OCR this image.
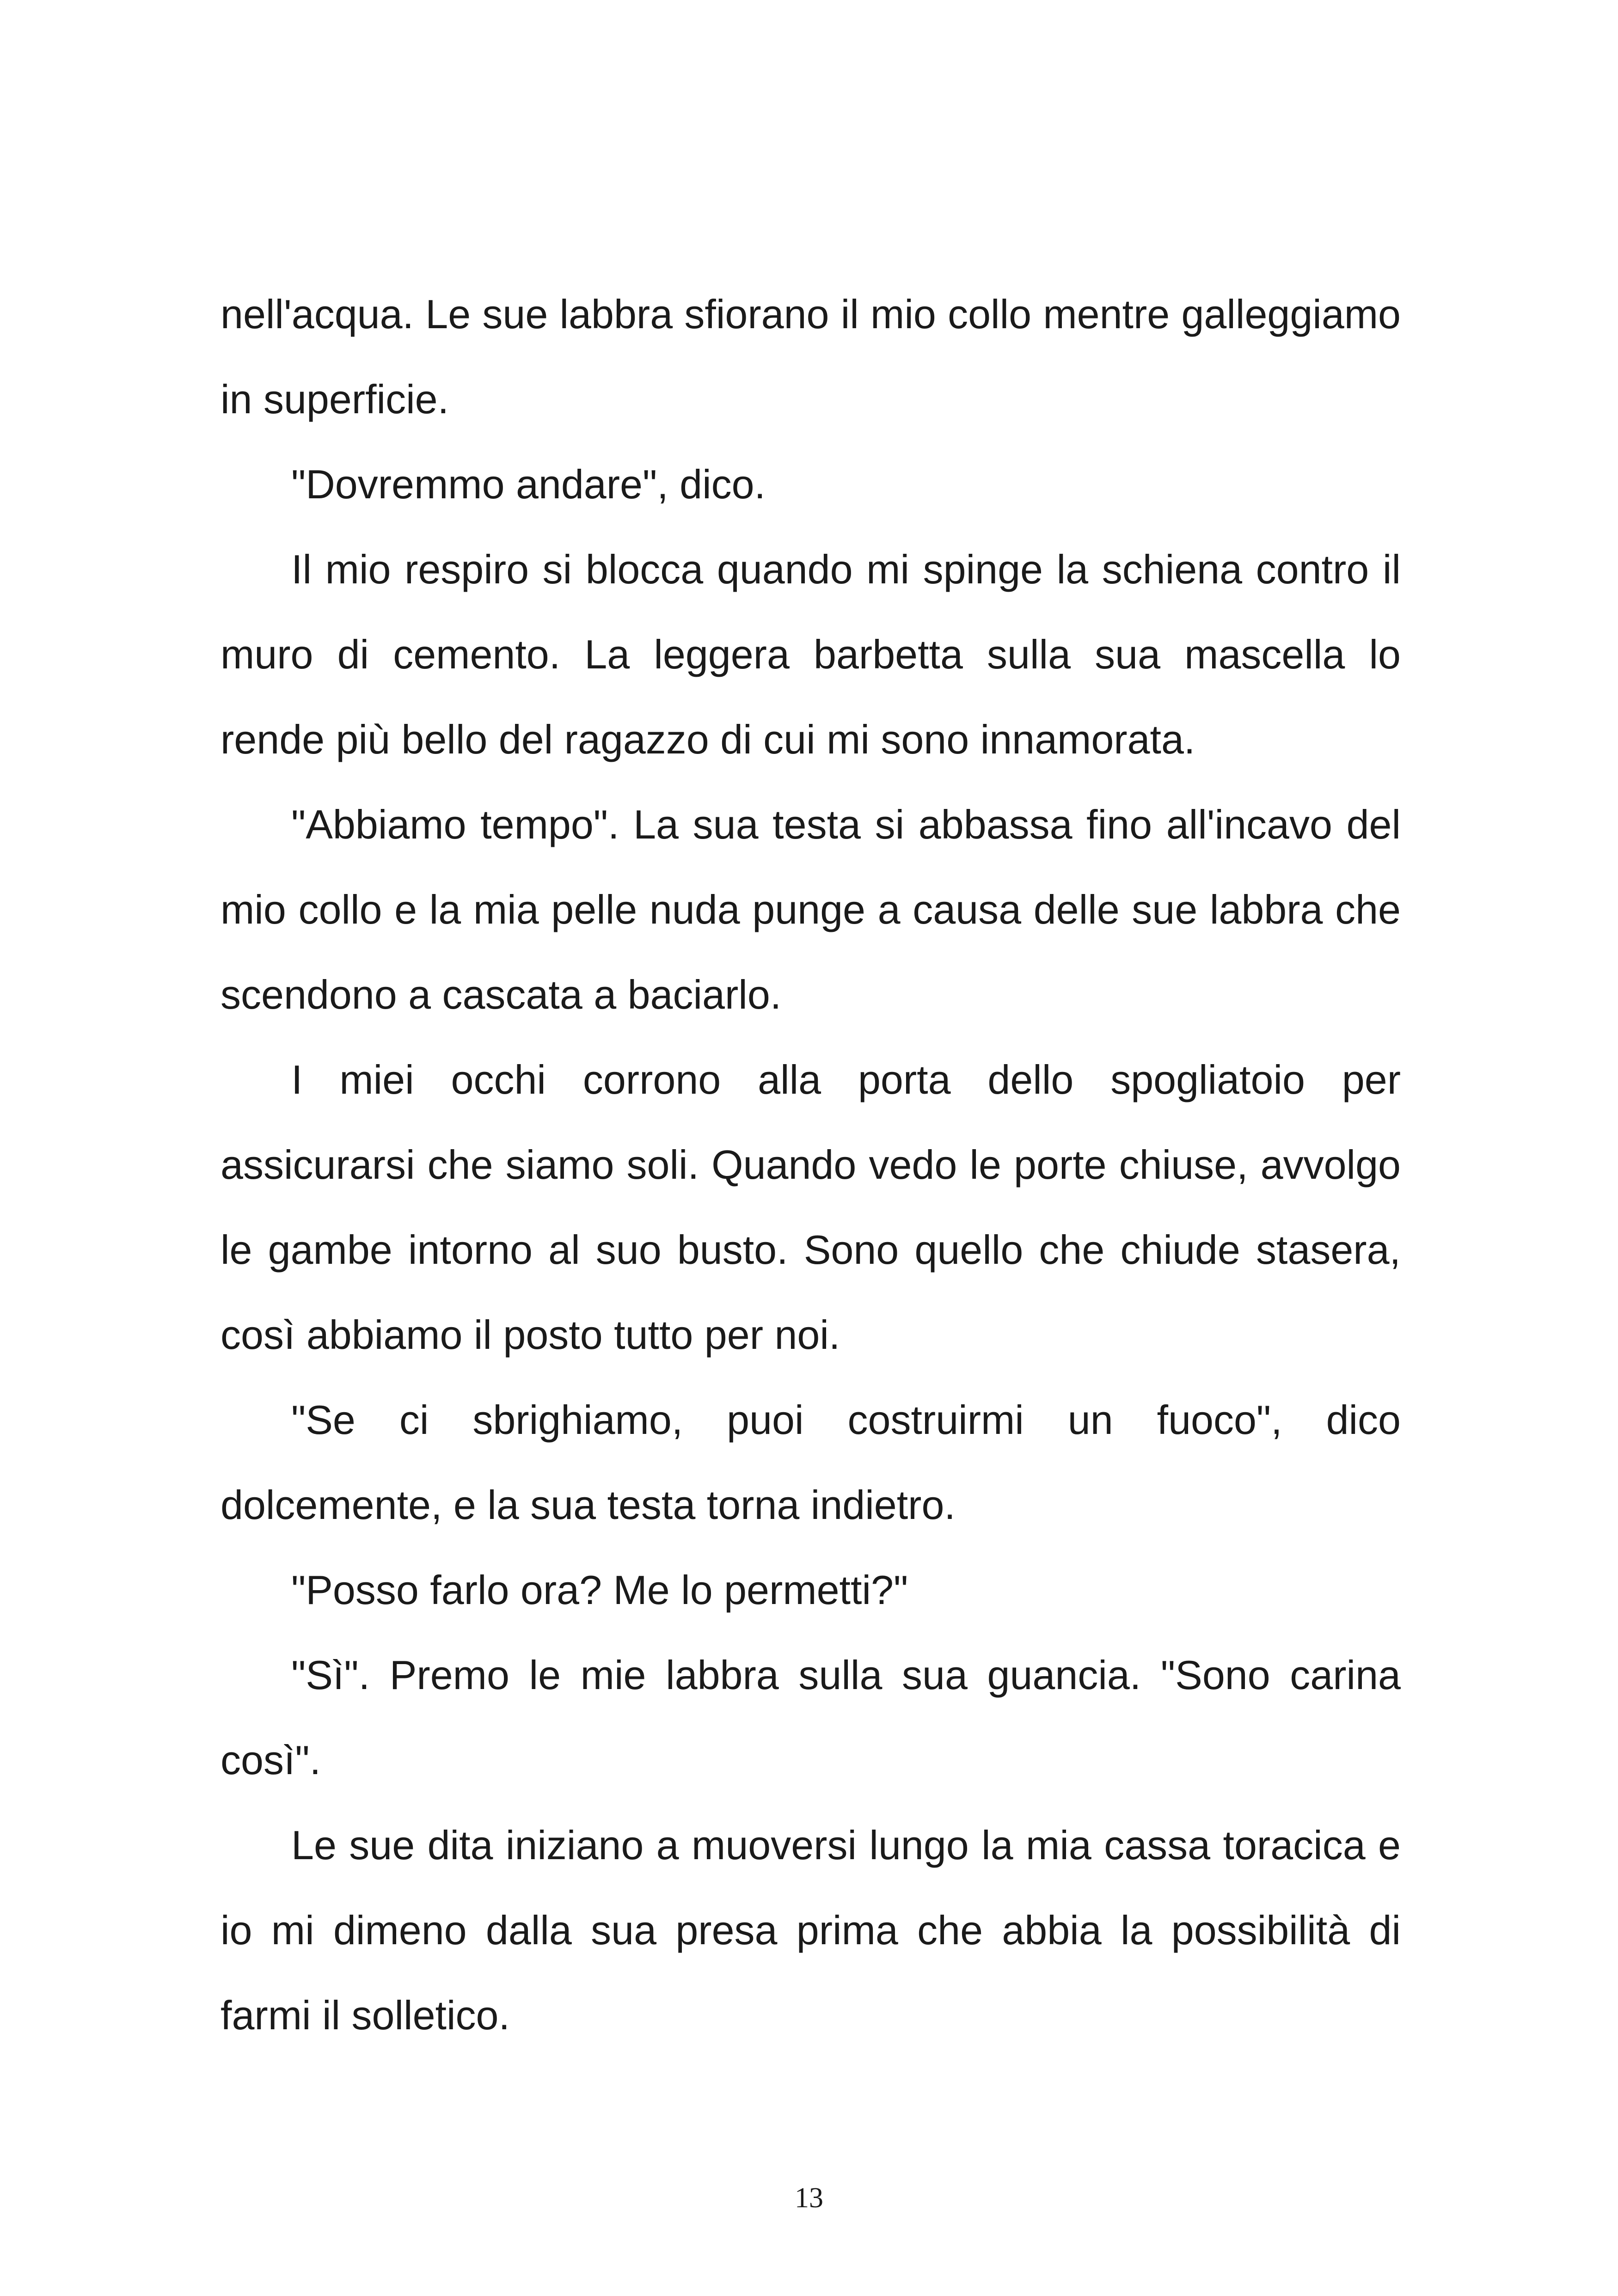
nell'acqua. Le sue labbra sfiorano il mio collo mentre galleggiamo in superficie.

"Dovremmo andare", dico.

Il mio respiro si blocca quando mi spinge la schiena contro il muro di cemento. La leggera barbetta sulla sua mascella lo rende più bello del ragazzo di cui mi sono innamorata.

"Abbiamo tempo". La sua testa si abbassa fino all'incavo del mio collo e la mia pelle nuda punge a causa delle sue labbra che scendono a cascata a baciarlo.

I miei occhi corrono alla porta dello spogliatoio per assicurarsi che siamo soli. Quando vedo le porte chiuse, avvolgo le gambe intorno al suo busto. Sono quello che chiude stasera, così abbiamo il posto tutto per noi.

"Se ci sbrighiamo, puoi costruirmi un fuoco", dico dolcemente, e la sua testa torna indietro.

"Posso farlo ora? Me lo permetti?"

"Sì". Premo le mie labbra sulla sua guancia. "Sono carina così".

Le sue dita iniziano a muoversi lungo la mia cassa toracica e io mi dimeno dalla sua presa prima che abbia la possibilità di farmi il solletico.

13
